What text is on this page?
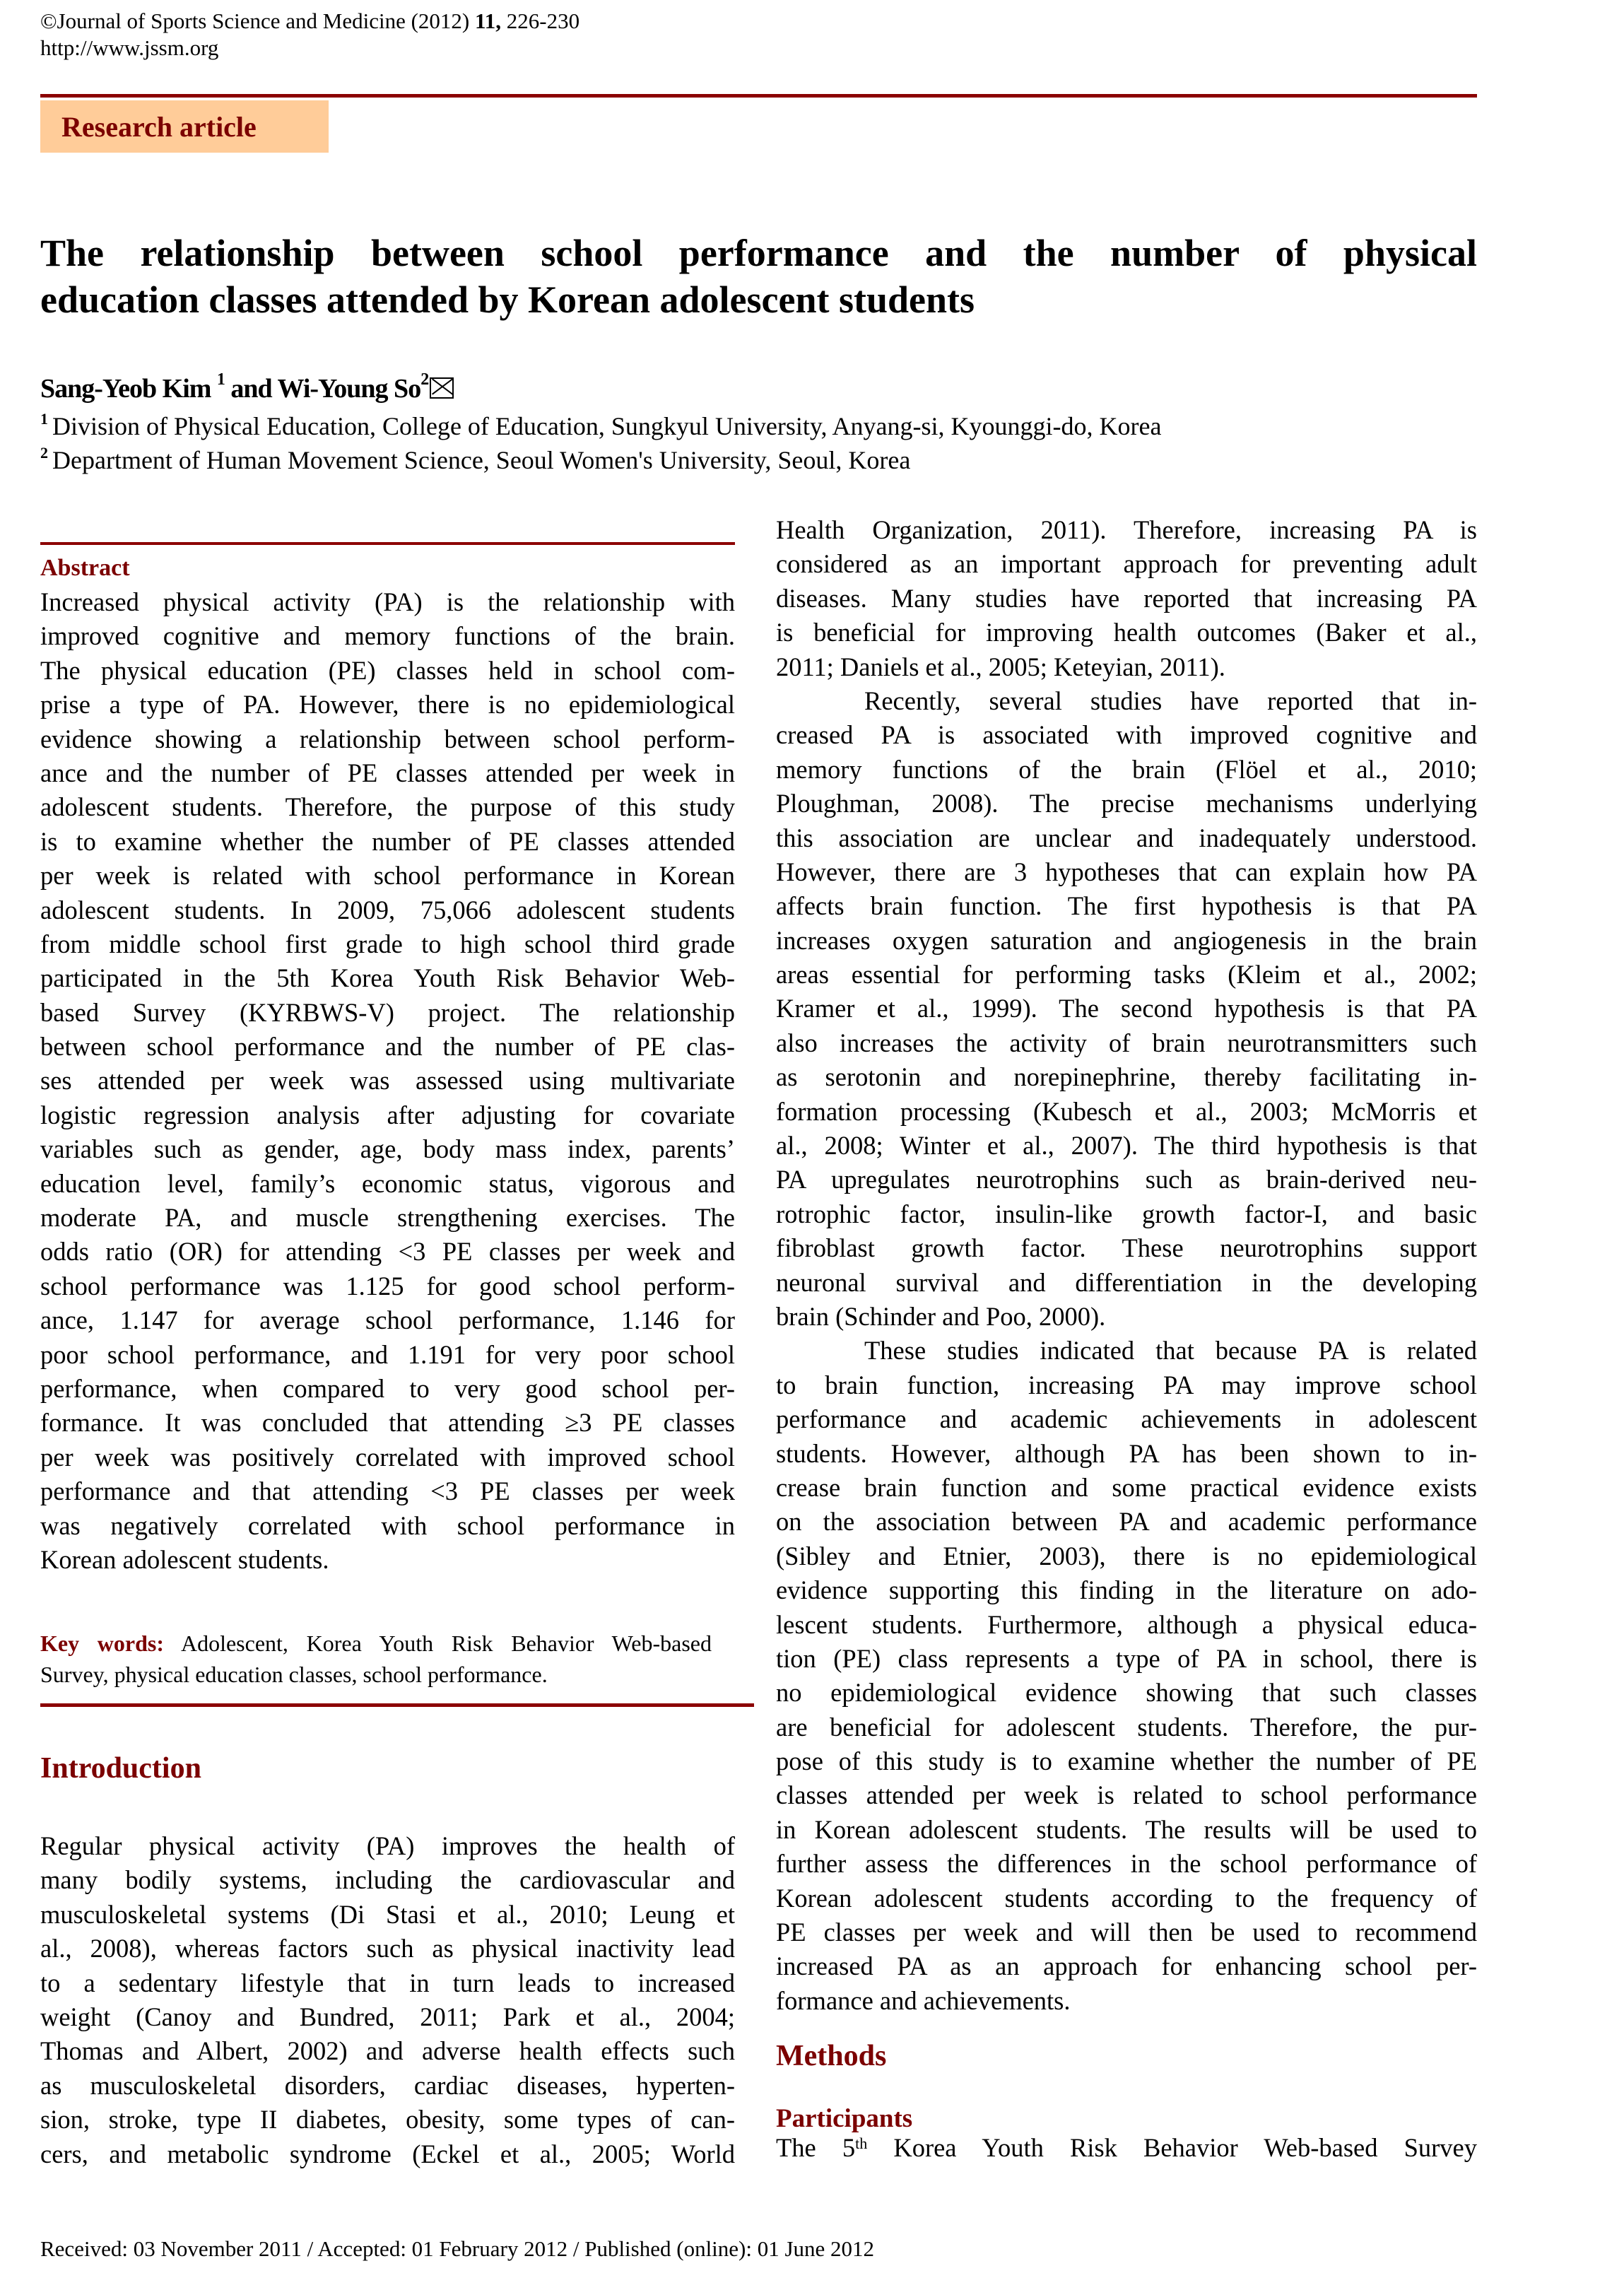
©Journal of Sports Science and Medicine (2012) 11, 226-230
http://www.jssm.org
Research article
The relationship between school performance and the number of physical
education classes attended by Korean adolescent students
Sang-Yeob Kim $^1$ and Wi-Young So$^2$
$^1$ Division of Physical Education, College of Education, Sungkyul University, Anyang-si, Kyounggi-do, Korea
$^2$ Department of Human Movement Science, Seoul Women's University, Seoul, Korea
Abstract
Increased physical activity (PA) is the relationship with
improved cognitive and memory functions of the brain.
The physical education (PE) classes held in school com-
prise a type of PA. However, there is no epidemiological
evidence showing a relationship between school perform-
ance and the number of PE classes attended per week in
adolescent students. Therefore, the purpose of this study
is to examine whether the number of PE classes attended
per week is related with school performance in Korean
adolescent students. In 2009, 75,066 adolescent students
from middle school first grade to high school third grade
participated in the 5th Korea Youth Risk Behavior Web-
based Survey (KYRBWS-V) project. The relationship
between school performance and the number of PE clas-
ses attended per week was assessed using multivariate
logistic regression analysis after adjusting for covariate
variables such as gender, age, body mass index, parents’
education level, family’s economic status, vigorous and
moderate PA, and muscle strengthening exercises. The
odds ratio (OR) for attending <3 PE classes per week and
school performance was 1.125 for good school perform-
ance, 1.147 for average school performance, 1.146 for
poor school performance, and 1.191 for very poor school
performance, when compared to very good school per-
formance. It was concluded that attending ≥3 PE classes
per week was positively correlated with improved school
performance and that attending <3 PE classes per week
was negatively correlated with school performance in
Korean adolescent students.
Key words: Adolescent, Korea Youth Risk Behavior Web-based
Survey, physical education classes, school performance.
Introduction
Regular physical activity (PA) improves the health of
many bodily systems, including the cardiovascular and
musculoskeletal systems (Di Stasi et al., 2010; Leung et
al., 2008), whereas factors such as physical inactivity lead
to a sedentary lifestyle that in turn leads to increased
weight (Canoy and Bundred, 2011; Park et al., 2004;
Thomas and Albert, 2002) and adverse health effects such
as musculoskeletal disorders, cardiac diseases, hyperten-
sion, stroke, type II diabetes, obesity, some types of can-
cers, and metabolic syndrome (Eckel et al., 2005; World
Health Organization, 2011). Therefore, increasing PA is
considered as an important approach for preventing adult
diseases. Many studies have reported that increasing PA
is beneficial for improving health outcomes (Baker et al.,
2011; Daniels et al., 2005; Keteyian, 2011).
Recently, several studies have reported that in-
creased PA is associated with improved cognitive and
memory functions of the brain (Flöel et al., 2010;
Ploughman, 2008). The precise mechanisms underlying
this association are unclear and inadequately understood.
However, there are 3 hypotheses that can explain how PA
affects brain function. The first hypothesis is that PA
increases oxygen saturation and angiogenesis in the brain
areas essential for performing tasks (Kleim et al., 2002;
Kramer et al., 1999). The second hypothesis is that PA
also increases the activity of brain neurotransmitters such
as serotonin and norepinephrine, thereby facilitating in-
formation processing (Kubesch et al., 2003; McMorris et
al., 2008; Winter et al., 2007). The third hypothesis is that
PA upregulates neurotrophins such as brain-derived neu-
rotrophic factor, insulin-like growth factor-I, and basic
fibroblast growth factor. These neurotrophins support
neuronal survival and differentiation in the developing
brain (Schinder and Poo, 2000).
These studies indicated that because PA is related
to brain function, increasing PA may improve school
performance and academic achievements in adolescent
students. However, although PA has been shown to in-
crease brain function and some practical evidence exists
on the association between PA and academic performance
(Sibley and Etnier, 2003), there is no epidemiological
evidence supporting this finding in the literature on ado-
lescent students. Furthermore, although a physical educa-
tion (PE) class represents a type of PA in school, there is
no epidemiological evidence showing that such classes
are beneficial for adolescent students. Therefore, the pur-
pose of this study is to examine whether the number of PE
classes attended per week is related to school performance
in Korean adolescent students. The results will be used to
further assess the differences in the school performance of
Korean adolescent students according to the frequency of
PE classes per week and will then be used to recommend
increased PA as an approach for enhancing school per-
formance and achievements.
Methods
Participants
The 5th Korea Youth Risk Behavior Web-based Survey
Received: 03 November 2011 / Accepted: 01 February 2012 / Published (online): 01 June 2012
